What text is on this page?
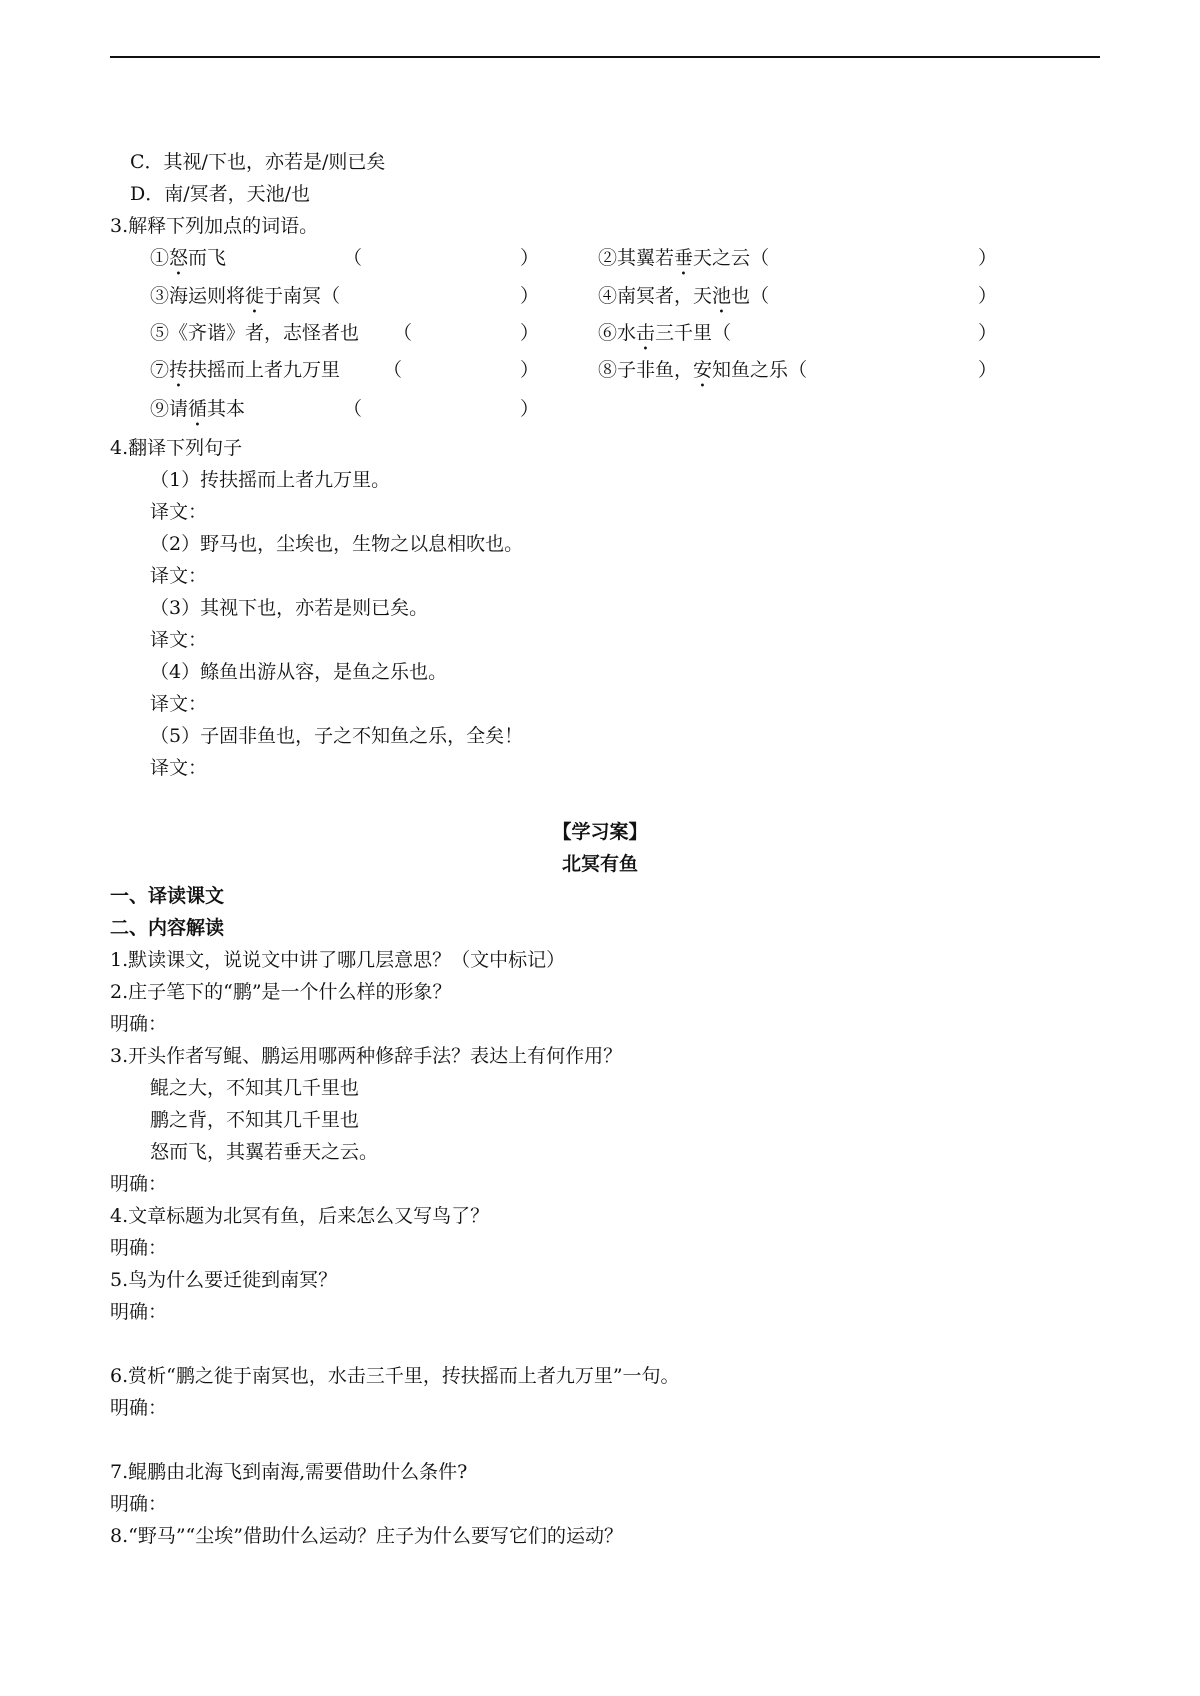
C．其视/下也，亦若是/则已矣
D．南/冥者，天池/也
3.解释下列加点的词语。
①怒而飞	（	）	②其翼若垂天之云（	）
③海运则将徙于南冥（	）	④南冥者，天池也（	）
⑤《齐谐》者，志怪者也 （	）	⑥水击三千里（	）
⑦抟扶摇而上者九万里 （	）	⑧子非鱼，安知鱼之乐（	）
⑨请循其本	（	）
4.翻译下列句子
（1）抟扶摇而上者九万里。
译文：
（2）野马也，尘埃也，生物之以息相吹也。
译文：
（3）其视下也，亦若是则已矣。
译文：
（4）鲦鱼出游从容，是鱼之乐也。
译文：
（5）子固非鱼也，子之不知鱼之乐，全矣！
译文：
【学习案】
北冥有鱼
一、译读课文
二、内容解读
1.默读课文，说说文中讲了哪几层意思？（文中标记）
2.庄子笔下的“鹏”是一个什么样的形象？
明确：
3.开头作者写鲲、鹏运用哪两种修辞手法？表达上有何作用？
鲲之大，不知其几千里也
鹏之背，不知其几千里也
怒而飞，其翼若垂天之云。
明确：
4.文章标题为北冥有鱼，后来怎么又写鸟了？
明确：
5.鸟为什么要迁徙到南冥？
明确：
6.赏析“鹏之徙于南冥也，水击三千里，抟扶摇而上者九万里”一句。
明确：
7.鲲鹏由北海飞到南海,需要借助什么条件?
明确：
8.“野马”“尘埃”借助什么运动？庄子为什么要写它们的运动？
